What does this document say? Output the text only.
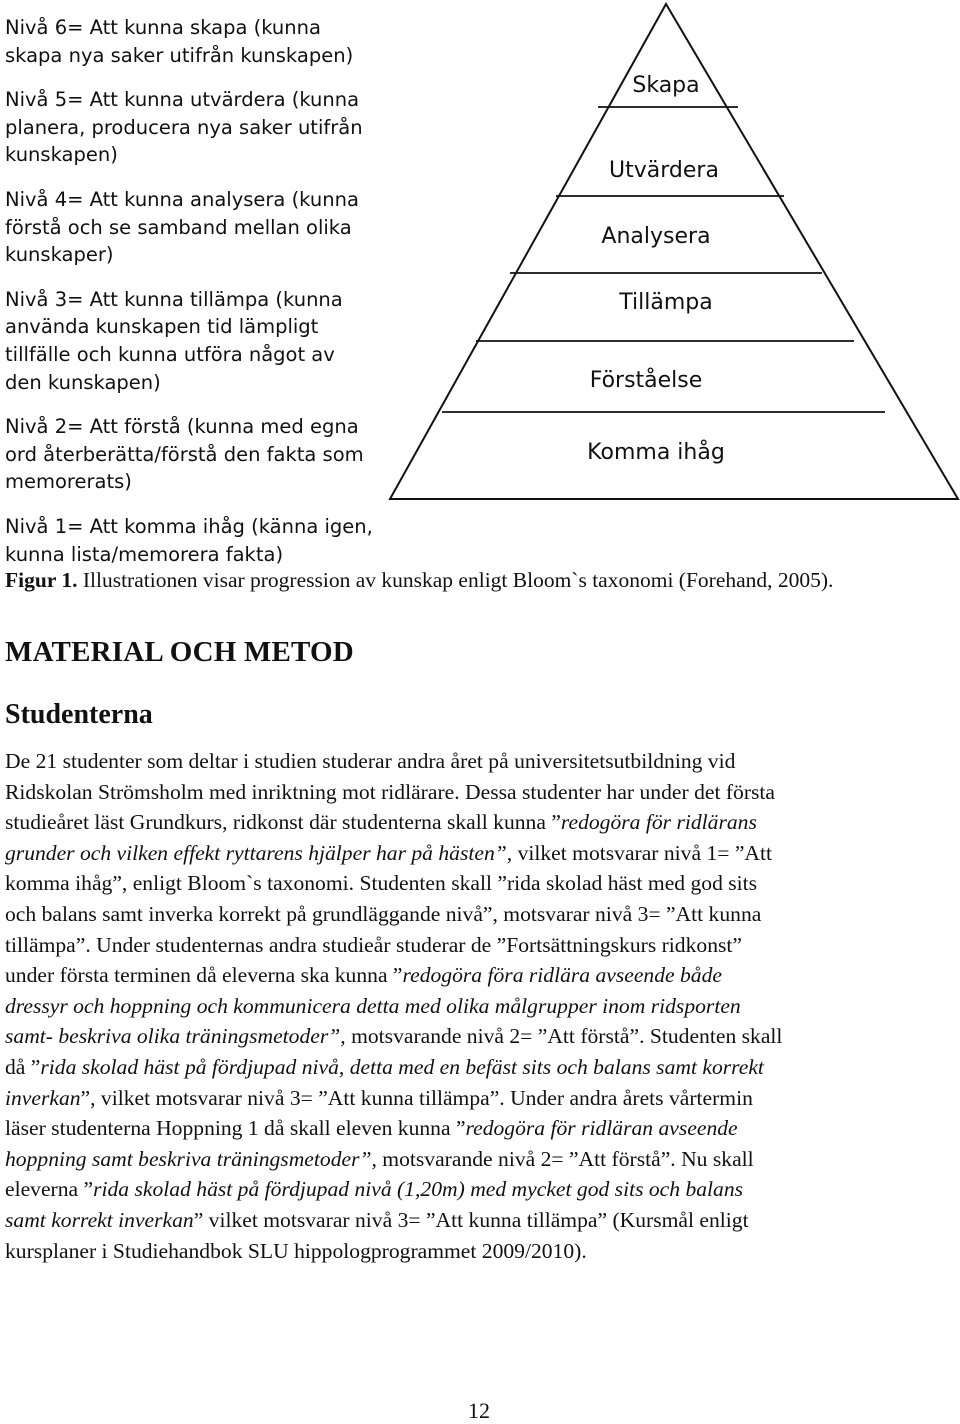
Nivå 6= Att kunna skapa (kunna

skapa nya saker utifrån kunskapen)

Nivå 5= Att kunna utvärdera (kunna

planera, producera nya saker utifrån

kunskapen)

Nivå 4= Att kunna analysera (kunna

förstå och se samband mellan olika

kunskaper)

Nivå 3= Att kunna tillämpa (kunna

använda kunskapen tid lämpligt

tillfälle och kunna utföra något av

den kunskapen)

Nivå 2= Att förstå (kunna med egna

ord återberätta/förstå den fakta som

memorerats)

Nivå 1= Att komma ihåg (känna igen,

kunna lista/memorera fakta)

Skapa
Utvärdera
Analysera
Tillämpa
Förståelse
Komma ihåg
Figur 1. Illustrationen visar progression av kunskap enligt Bloom`s taxonomi (Forehand, 2005).
MATERIAL OCH METOD
Studenterna
De 21 studenter som deltar i studien studerar andra året på universitetsutbildning vid
Ridskolan Strömsholm med inriktning mot ridlärare. Dessa studenter har under det första
studieåret läst Grundkurs, ridkonst där studenterna skall kunna ”redogöra för ridlärans
grunder och vilken effekt ryttarens hjälper har på hästen”, vilket motsvarar nivå 1= ”Att
komma ihåg”, enligt Bloom`s taxonomi. Studenten skall ”rida skolad häst med god sits
och balans samt inverka korrekt på grundläggande nivå”, motsvarar nivå 3= ”Att kunna
tillämpa”. Under studenternas andra studieår studerar de ”Fortsättningskurs ridkonst”
under första terminen då eleverna ska kunna ”redogöra föra ridlära avseende både
dressyr och hoppning och kommunicera detta med olika målgrupper inom ridsporten
samt- beskriva olika träningsmetoder”, motsvarande nivå 2= ”Att förstå”. Studenten skall
då ”rida skolad häst på fördjupad nivå, detta med en befäst sits och balans samt korrekt
inverkan”, vilket motsvarar nivå 3= ”Att kunna tillämpa”. Under andra årets vårtermin
läser studenterna Hoppning 1 då skall eleven kunna ”redogöra för ridläran avseende
hoppning samt beskriva träningsmetoder”, motsvarande nivå 2= ”Att förstå”. Nu skall
eleverna ”rida skolad häst på fördjupad nivå (1,20m) med mycket god sits och balans
samt korrekt inverkan” vilket motsvarar nivå 3= ”Att kunna tillämpa” (Kursmål enligt
kursplaner i Studiehandbok SLU hippologprogrammet 2009/2010).
12
